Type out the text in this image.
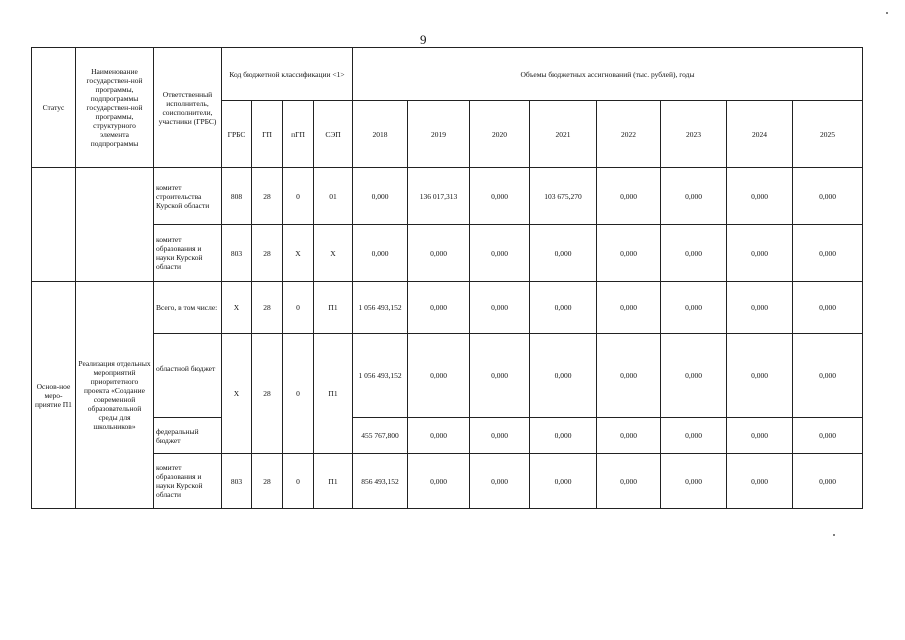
9
Статус	Наименование государствен-ной программы, подпрограммы государствен-ной программы, структурного элемента подпрограммы	Ответственный исполнитель, соисполнители, участники (ГРБС)	Код бюджетной классификации <1>				Объемы бюджетных ассигнований (тыс. рублей), годы							
			ГРБС	ГП	пГП	СЭП	2018	2019	2020	2021	2022	2023	2024	2025
		комитет строительства Курской области	808	28	0	01	0,000	136 017,313	0,000	103 675,270	0,000	0,000	0,000	0,000
		комитет образования и науки Курской области	803	28	X	X	0,000	0,000	0,000	0,000	0,000	0,000	0,000	0,000
Основ-ное меро-приятие П1	Реализация отдельных мероприятий приоритетного проекта «Создание современной образовательной среды для школьников»	Всего, в том числе:	X	28	0	П1	1 056 493,152	0,000	0,000	0,000	0,000	0,000	0,000	0,000
		областной бюджет	X	28	0	П1	1 056 493,152	0,000	0,000	0,000	0,000	0,000	0,000	0,000
		федеральный бюджет					455 767,800	0,000	0,000	0,000	0,000	0,000	0,000	0,000
		комитет образования и науки Курской области	803	28	0	П1	856 493,152	0,000	0,000	0,000	0,000	0,000	0,000	0,000
